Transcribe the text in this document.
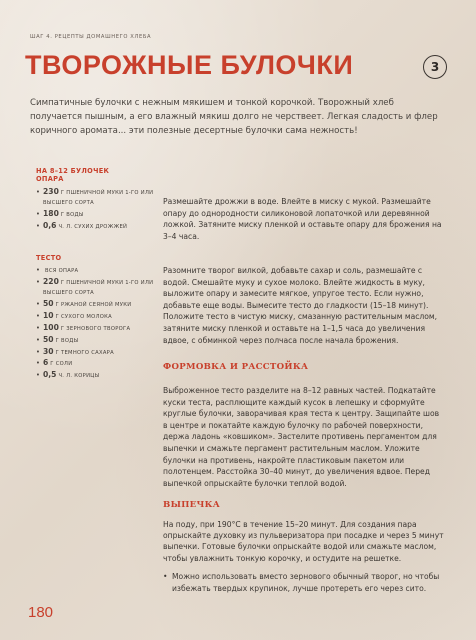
ШАГ 4. РЕЦЕПТЫ ДОМАШНЕГО ХЛЕБА
ТВОРОЖНЫЕ БУЛОЧКИ	3
Симпатичные булочки с нежным мякишем и тонкой корочкой. Творожный хлеб получается пышным, а его влажный мякиш долго не черствеет. Легкая сладость и флер коричного аромата... эти полезные десертные булочки сама нежность!
НА 8–12 БУЛОЧЕК
ОПАРА
• 230 Г ПШЕНИЧНОЙ МУКИ 1-ГО ИЛИ ВЫСШЕГО СОРТА
• 180 Г ВОДЫ
• 0,6 Ч. Л. СУХИХ ДРОЖЖЕЙ
ТЕСТО
• ВСЯ ОПАРА
• 220 Г ПШЕНИЧНОЙ МУКИ 1-ГО ИЛИ ВЫСШЕГО СОРТА
• 50 Г РЖАНОЙ СЕЯНОЙ МУКИ
• 10 Г СУХОГО МОЛОКА
• 100 Г ЗЕРНОВОГО ТВОРОГА
• 50 Г ВОДЫ
• 30 Г ТЕМНОГО САХАРА
• 6 Г СОЛИ
• 0,5 Ч. Л. КОРИЦЫ
Размешайте дрожжи в воде. Влейте в миску с мукой. Размешайте опару до однородности силиконовой лопаточкой или деревянной ложкой. Затяните миску пленкой и оставьте опару для брожения на 3–4 часа.
Разомните творог вилкой, добавьте сахар и соль, размешайте с водой. Смешайте муку и сухое молоко. Влейте жидкость в муку, выложите опару и замесите мягкое, упругое тесто. Если нужно, добавьте еще воды. Вымесите тесто до гладкости (15–18 минут). Положите тесто в чистую миску, смазанную растительным маслом, затяните миску пленкой и оставьте на 1–1,5 часа до увеличения вдвое, с обминкой через полчаса после начала брожения.
ФОРМОВКА И РАССТОЙКА
Выброженное тесто разделите на 8–12 равных частей. Подкатайте куски теста, расплющите каждый кусок в лепешку и сформуйте круглые булочки, заворачивая края теста к центру. Защипайте шов в центре и покатайте каждую булочку по рабочей поверхности, держа ладонь «ковшиком». Застелите противень пергаментом для выпечки и смажьте пергамент растительным маслом. Уложите булочки на противень, накройте пластиковым пакетом или полотенцем. Расстойка 30–40 минут, до увеличения вдвое. Перед выпечкой опрыскайте булочки теплой водой.
ВЫПЕЧКА
На поду, при 190°С в течение 15–20 минут. Для создания пара опрыскайте духовку из пульверизатора при посадке и через 5 минут выпечки. Готовые булочки опрыскайте водой или смажьте маслом, чтобы увлажнить тонкую корочку, и остудите на решетке.
• Можно использовать вместо зернового обычный творог, но чтобы избежать твердых крупинок, лучше протереть его через сито.
180
